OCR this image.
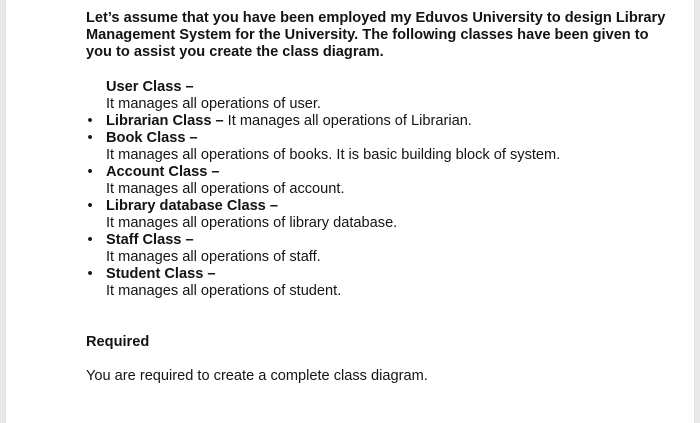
Let’s assume that you have been employed my Eduvos University to design Library Management System for the University. The following classes have been given to you to assist you create the class diagram.

User Class –
It manages all operations of user.
• Librarian Class – It manages all operations of Librarian.
• Book Class –
It manages all operations of books. It is basic building block of system.
• Account Class –
It manages all operations of account.
• Library database Class –
It manages all operations of library database.
• Staff Class –
It manages all operations of staff.
• Student Class –
It manages all operations of student.

Required

You are required to create a complete class diagram.
